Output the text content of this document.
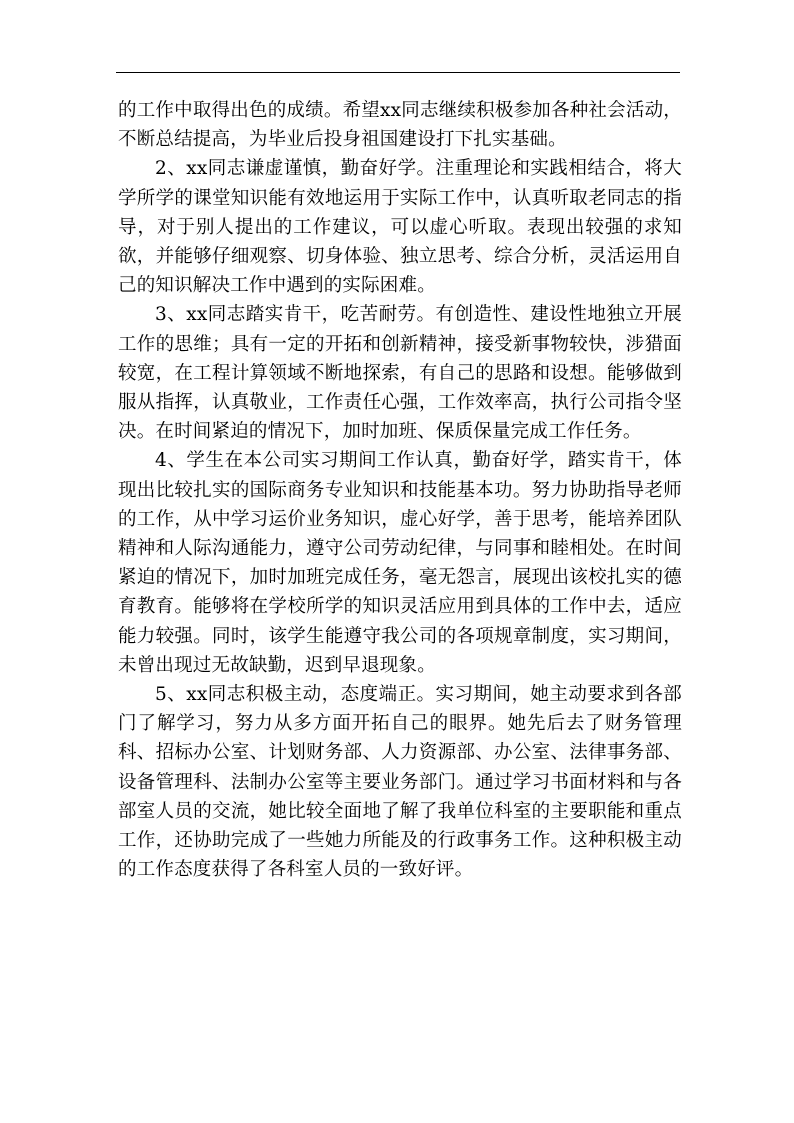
的工作中取得出色的成绩。希望xx同志继续积极参加各种社会活动，不断总结提高，为毕业后投身祖国建设打下扎实基础。

2、xx同志谦虚谨慎，勤奋好学。注重理论和实践相结合，将大学所学的课堂知识能有效地运用于实际工作中，认真听取老同志的指导，对于别人提出的工作建议，可以虚心听取。表现出较强的求知欲，并能够仔细观察、切身体验、独立思考、综合分析，灵活运用自己的知识解决工作中遇到的实际困难。

3、xx同志踏实肯干，吃苦耐劳。有创造性、建设性地独立开展工作的思维；具有一定的开拓和创新精神，接受新事物较快，涉猎面较宽，在工程计算领域不断地探索，有自己的思路和设想。能够做到服从指挥，认真敬业，工作责任心强，工作效率高，执行公司指令坚决。在时间紧迫的情况下，加时加班、保质保量完成工作任务。

4、学生在本公司实习期间工作认真，勤奋好学，踏实肯干，体现出比较扎实的国际商务专业知识和技能基本功。努力协助指导老师的工作，从中学习运价业务知识，虚心好学，善于思考，能培养团队精神和人际沟通能力，遵守公司劳动纪律，与同事和睦相处。在时间紧迫的情况下，加时加班完成任务，毫无怨言，展现出该校扎实的德育教育。能够将在学校所学的知识灵活应用到具体的工作中去，适应能力较强。同时，该学生能遵守我公司的各项规章制度，实习期间，未曾出现过无故缺勤，迟到早退现象。

5、xx同志积极主动，态度端正。实习期间，她主动要求到各部门了解学习，努力从多方面开拓自己的眼界。她先后去了财务管理科、招标办公室、计划财务部、人力资源部、办公室、法律事务部、设备管理科、法制办公室等主要业务部门。通过学习书面材料和与各部室人员的交流，她比较全面地了解了我单位科室的主要职能和重点工作，还协助完成了一些她力所能及的行政事务工作。这种积极主动的工作态度获得了各科室人员的一致好评。
